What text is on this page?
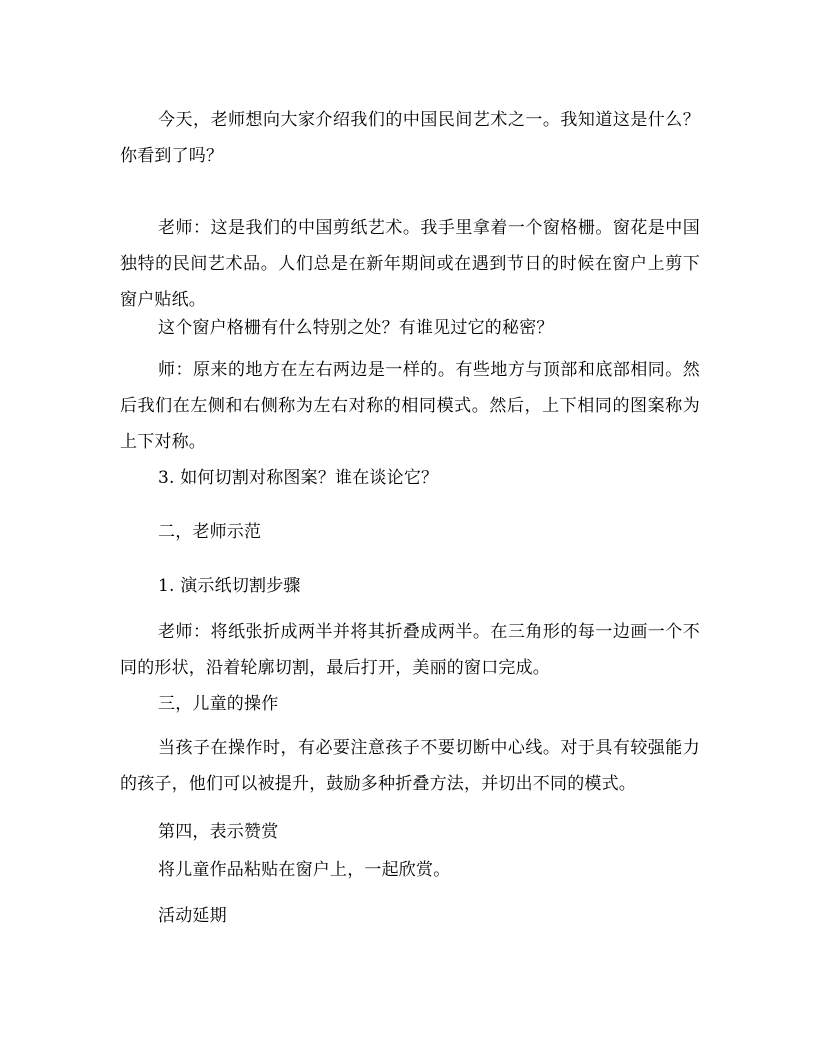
今天，老师想向大家介绍我们的中国民间艺术之一。我知道这是什么？你看到了吗？

老师：这是我们的中国剪纸艺术。我手里拿着一个窗格栅。窗花是中国独特的民间艺术品。人们总是在新年期间或在遇到节日的时候在窗户上剪下窗户贴纸。

这个窗户格栅有什么特别之处？有谁见过它的秘密？

师：原来的地方在左右两边是一样的。有些地方与顶部和底部相同。然后我们在左侧和右侧称为左右对称的相同模式。然后，上下相同的图案称为上下对称。

3. 如何切割对称图案？谁在谈论它？

二，老师示范

1. 演示纸切割步骤

老师：将纸张折成两半并将其折叠成两半。在三角形的每一边画一个不同的形状，沿着轮廓切割，最后打开，美丽的窗口完成。

三，儿童的操作

当孩子在操作时，有必要注意孩子不要切断中心线。对于具有较强能力的孩子，他们可以被提升，鼓励多种折叠方法，并切出不同的模式。

第四，表示赞赏

将儿童作品粘贴在窗户上，一起欣赏。

活动延期
